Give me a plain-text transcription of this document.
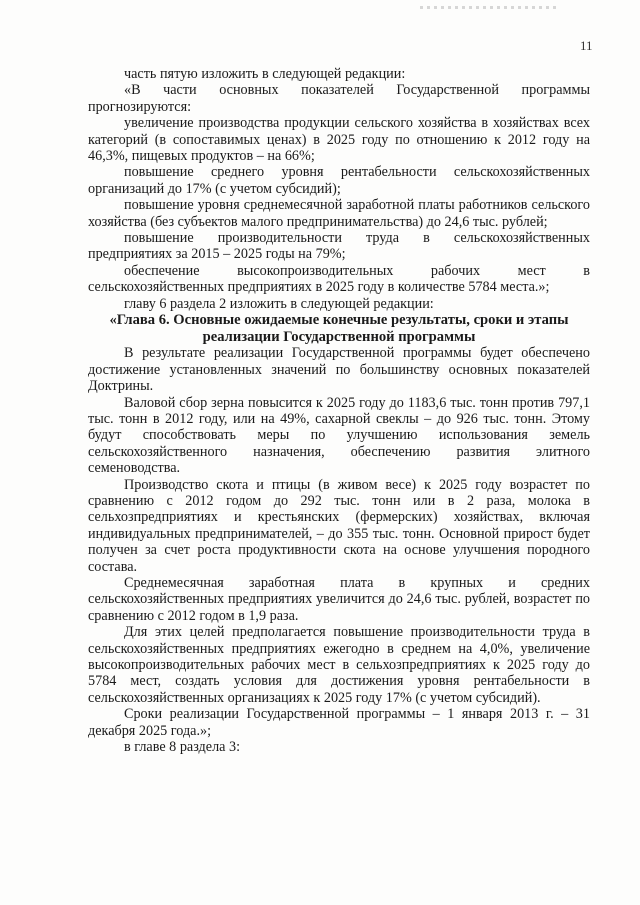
11

часть пятую изложить в следующей редакции:

«В части основных показателей Государственной программы прогнозируются:

увеличение производства продукции сельского хозяйства в хозяйствах всех категорий (в сопоставимых ценах) в 2025 году по отношению к 2012 году на 46,3%, пищевых продуктов – на 66%;

повышение среднего уровня рентабельности сельскохозяйственных организаций до 17% (с учетом субсидий);

повышение уровня среднемесячной заработной платы работников сельского хозяйства (без субъектов малого предпринимательства) до 24,6 тыс. рублей;

повышение производительности труда в сельскохозяйственных предприятиях за 2015 – 2025 годы на 79%;

обеспечение высокопроизводительных рабочих мест в сельскохозяйственных предприятиях в 2025 году в количестве 5784 места.»;

главу 6 раздела 2 изложить в следующей редакции:

«Глава 6. Основные ожидаемые конечные результаты, сроки и этапы реализации Государственной программы

В результате реализации Государственной программы будет обеспечено достижение установленных значений по большинству основных показателей Доктрины.

Валовой сбор зерна повысится к 2025 году до 1183,6 тыс. тонн против 797,1 тыс. тонн в 2012 году, или на 49%, сахарной свеклы – до 926 тыс. тонн. Этому будут способствовать меры по улучшению использования земель сельскохозяйственного назначения, обеспечению развития элитного семеноводства.

Производство скота и птицы (в живом весе) к 2025 году возрастет по сравнению с 2012 годом до 292 тыс. тонн или в 2 раза, молока в сельхозпредприятиях и крестьянских (фермерских) хозяйствах, включая индивидуальных предпринимателей, – до 355 тыс. тонн. Основной прирост будет получен за счет роста продуктивности скота на основе улучшения породного состава.

Среднемесячная заработная плата в крупных и средних сельскохозяйственных предприятиях увеличится до 24,6 тыс. рублей, возрастет по сравнению с 2012 годом в 1,9 раза.

Для этих целей предполагается повышение производительности труда в сельскохозяйственных предприятиях ежегодно в среднем на 4,0%, увеличение высокопроизводительных рабочих мест в сельхозпредприятиях к 2025 году до 5784 мест, создать условия для достижения уровня рентабельности в сельскохозяйственных организациях к 2025 году 17% (с учетом субсидий).

Сроки реализации Государственной программы – 1 января 2013 г. – 31 декабря 2025 года.»;

в главе 8 раздела 3:
